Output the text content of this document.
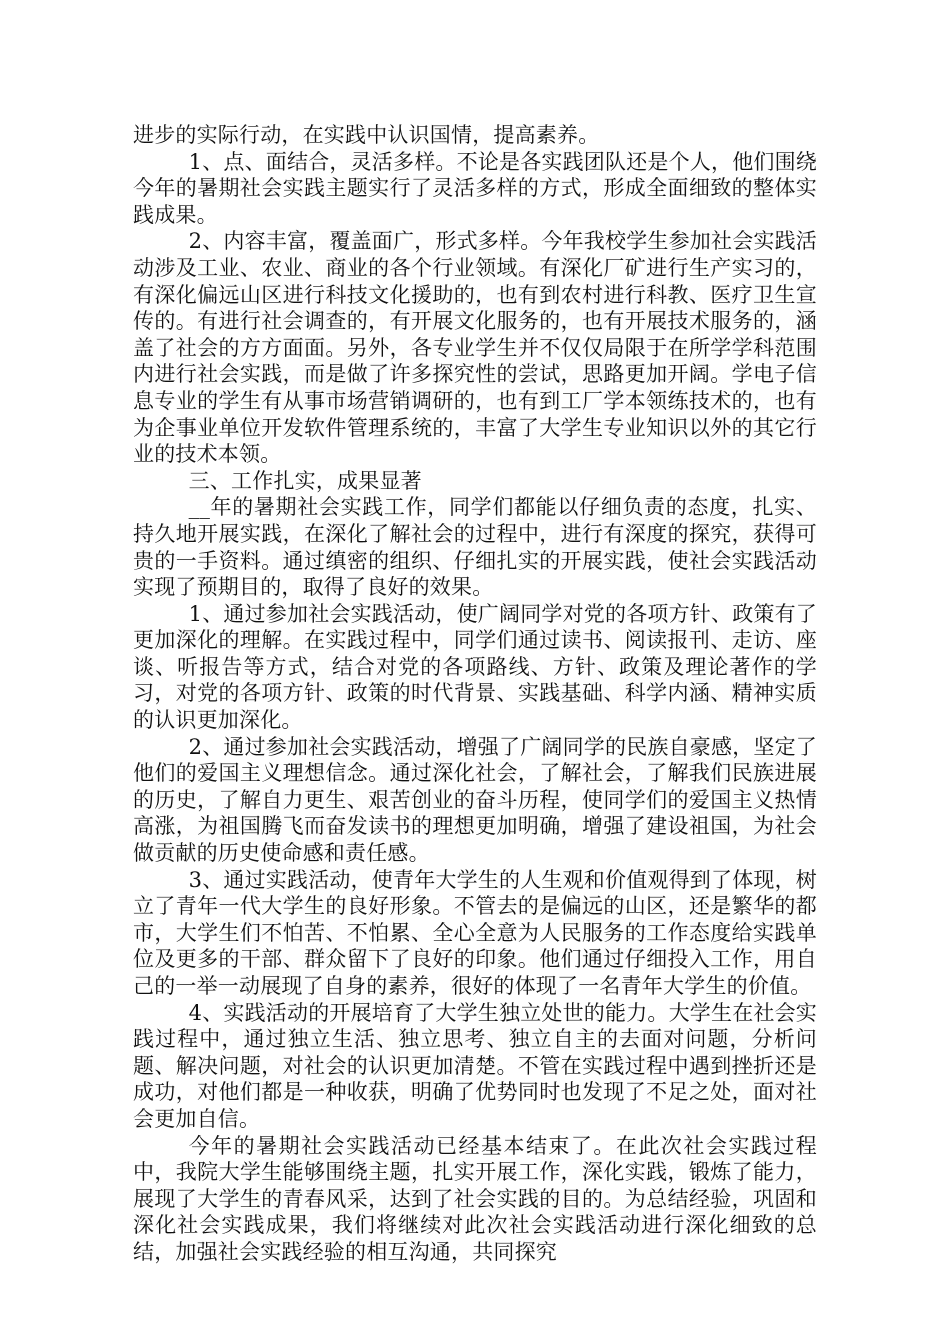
进步的实际行动，在实践中认识国情，提高素养。

1、点、面结合，灵活多样。不论是各实践团队还是个人，他们围绕今年的暑期社会实践主题实行了灵活多样的方式，形成全面细致的整体实践成果。

2、内容丰富，覆盖面广，形式多样。今年我校学生参加社会实践活动涉及工业、农业、商业的各个行业领域。有深化厂矿进行生产实习的，有深化偏远山区进行科技文化援助的，也有到农村进行科教、医疗卫生宣传的。有进行社会调查的，有开展文化服务的，也有开展技术服务的，涵盖了社会的方方面面。另外，各专业学生并不仅仅局限于在所学学科范围内进行社会实践，而是做了许多探究性的尝试，思路更加开阔。学电子信息专业的学生有从事市场营销调研的，也有到工厂学本领练技术的，也有为企事业单位开发软件管理系统的，丰富了大学生专业知识以外的其它行业的技术本领。

三、工作扎实，成果显著

__年的暑期社会实践工作，同学们都能以仔细负责的态度，扎实、持久地开展实践，在深化了解社会的过程中，进行有深度的探究，获得可贵的一手资料。通过缜密的组织、仔细扎实的开展实践，使社会实践活动实现了预期目的，取得了良好的效果。

1、通过参加社会实践活动，使广阔同学对党的各项方针、政策有了更加深化的理解。在实践过程中，同学们通过读书、阅读报刊、走访、座谈、听报告等方式，结合对党的各项路线、方针、政策及理论著作的学习，对党的各项方针、政策的时代背景、实践基础、科学内涵、精神实质的认识更加深化。

2、通过参加社会实践活动，增强了广阔同学的民族自豪感，坚定了他们的爱国主义理想信念。通过深化社会，了解社会，了解我们民族进展的历史，了解自力更生、艰苦创业的奋斗历程，使同学们的爱国主义热情高涨，为祖国腾飞而奋发读书的理想更加明确，增强了建设祖国，为社会做贡献的历史使命感和责任感。

3、通过实践活动，使青年大学生的人生观和价值观得到了体现，树立了青年一代大学生的良好形象。不管去的是偏远的山区，还是繁华的都市，大学生们不怕苦、不怕累、全心全意为人民服务的工作态度给实践单位及更多的干部、群众留下了良好的印象。他们通过仔细投入工作，用自己的一举一动展现了自身的素养，很好的体现了一名青年大学生的价值。

4、实践活动的开展培育了大学生独立处世的能力。大学生在社会实践过程中，通过独立生活、独立思考、独立自主的去面对问题，分析问题、解决问题，对社会的认识更加清楚。不管在实践过程中遇到挫折还是成功，对他们都是一种收获，明确了优势同时也发现了不足之处，面对社会更加自信。

今年的暑期社会实践活动已经基本结束了。在此次社会实践过程中，我院大学生能够围绕主题，扎实开展工作，深化实践，锻炼了能力，展现了大学生的青春风采，达到了社会实践的目的。为总结经验，巩固和深化社会实践成果，我们将继续对此次社会实践活动进行深化细致的总结，加强社会实践经验的相互沟通，共同探究
